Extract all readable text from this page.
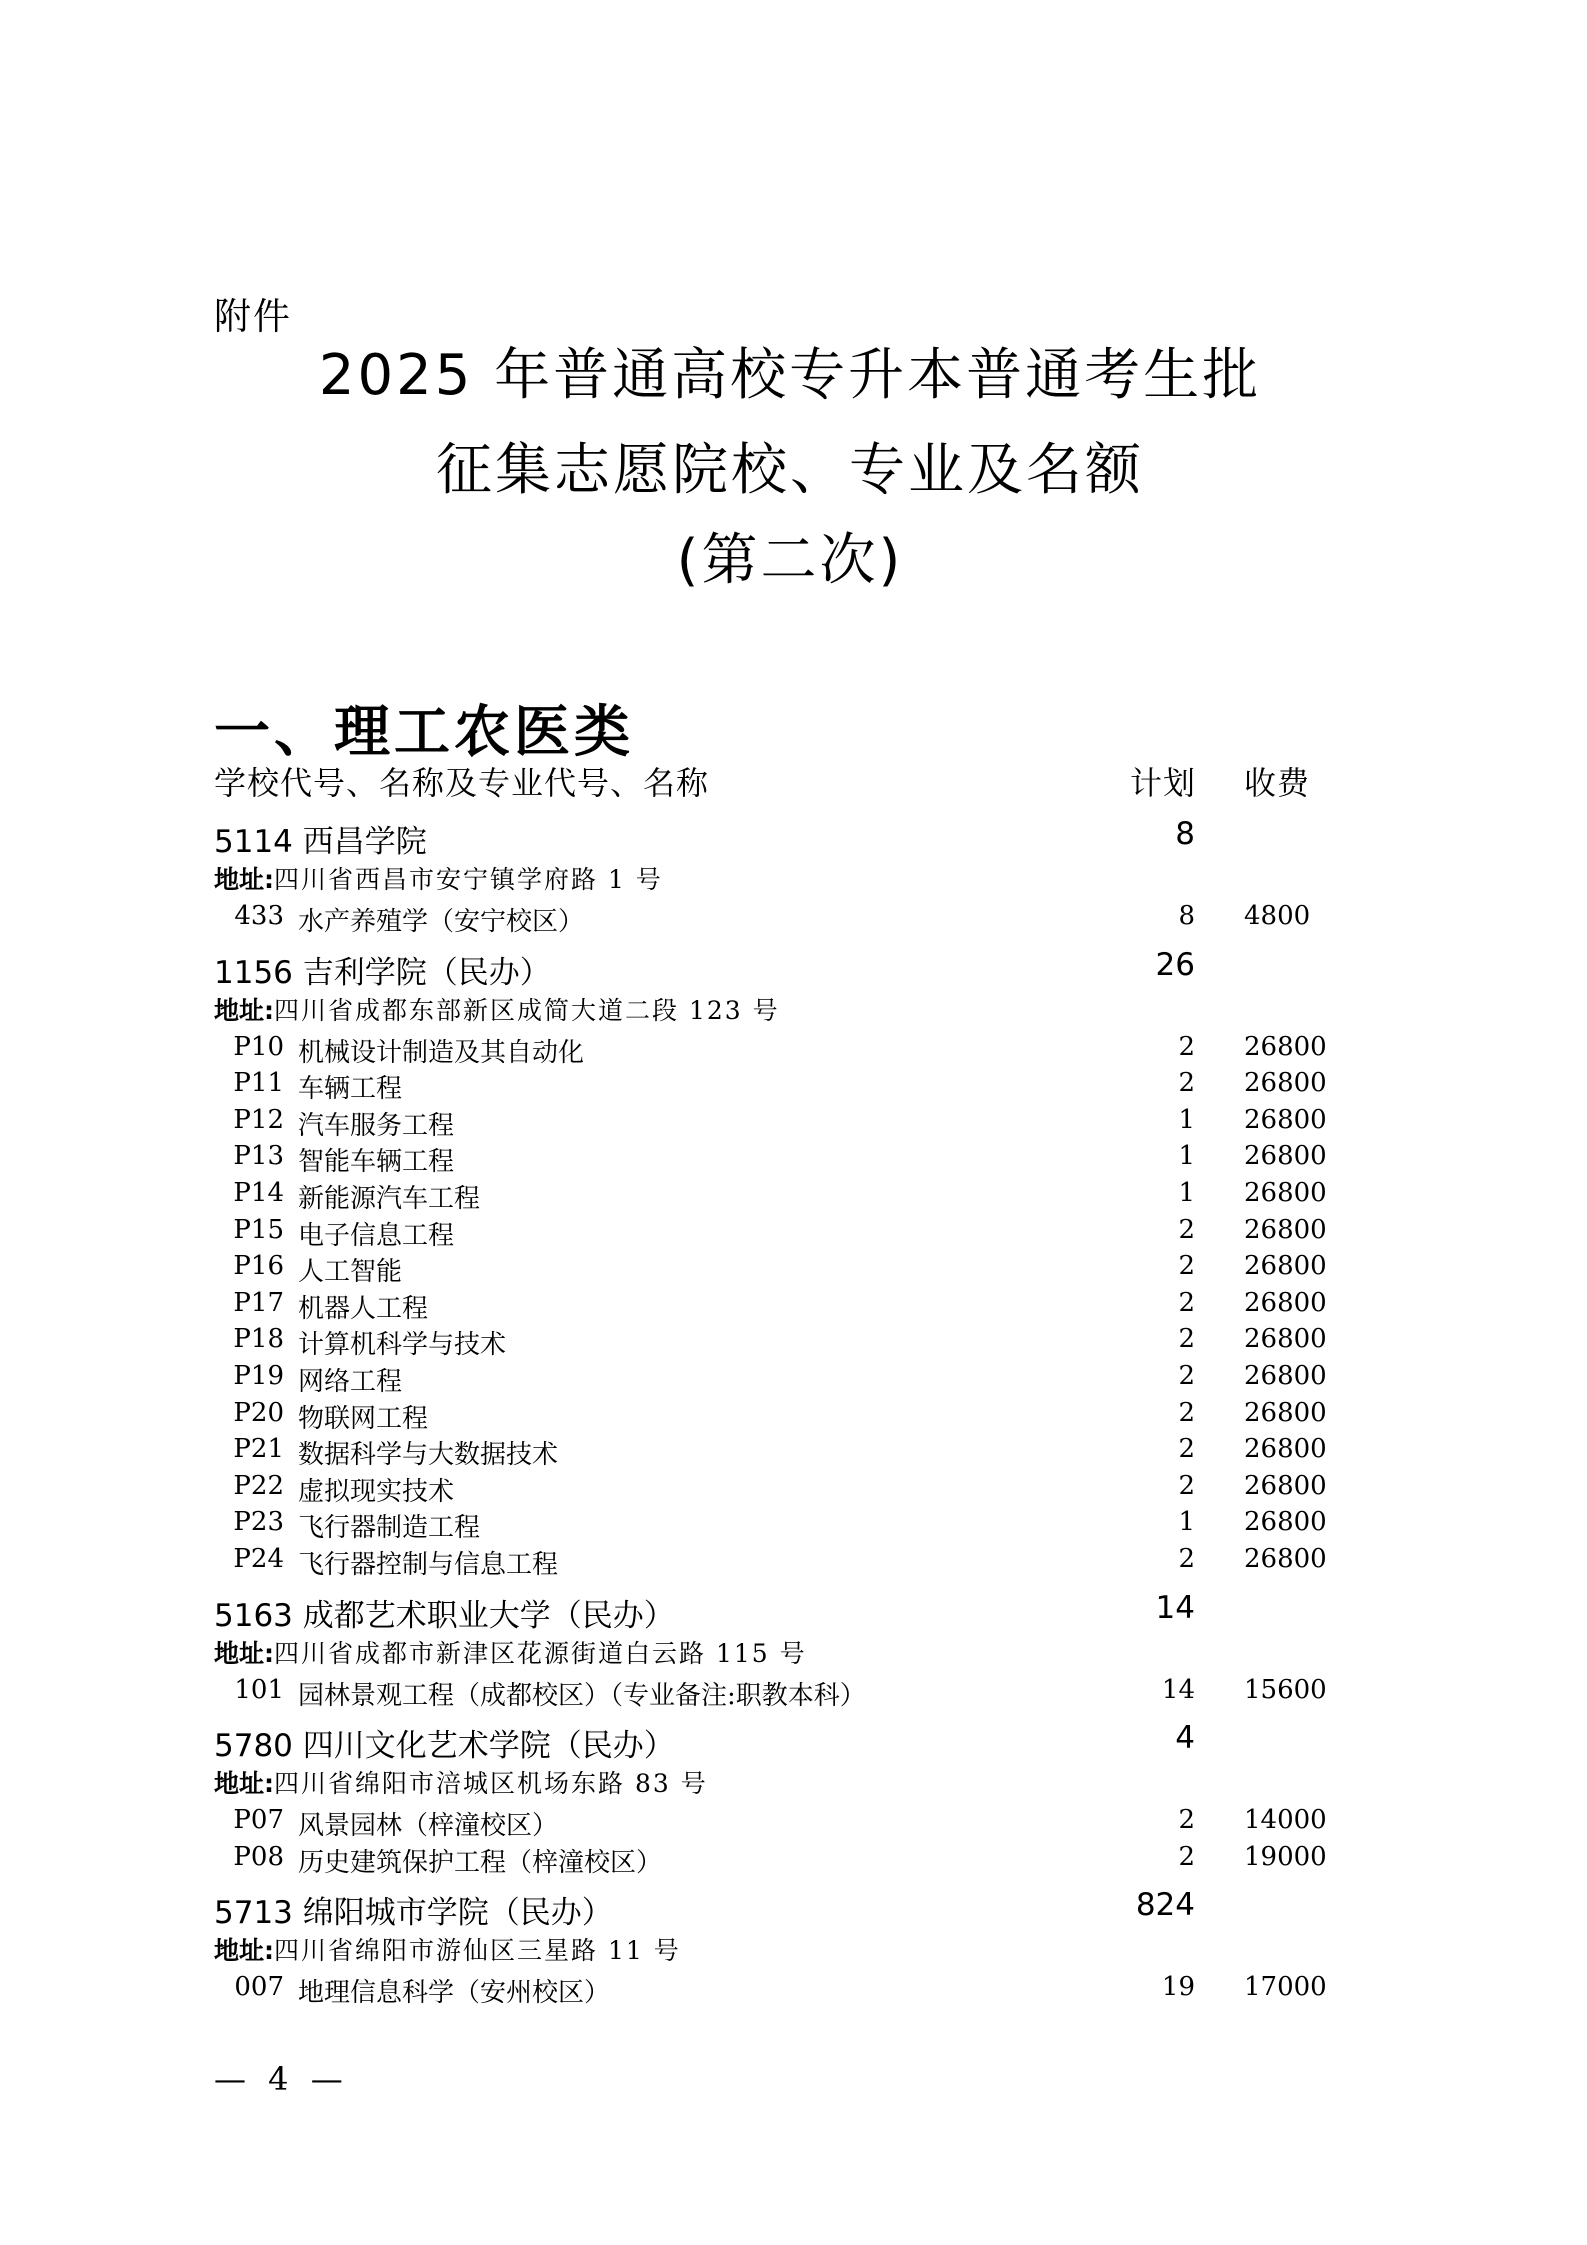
附件
2025 年普通高校专升本普通考生批
征集志愿院校、专业及名额
(第二次)
一、理工农医类
学校代号、名称及专业代号、名称	计划 收费
5114 西昌学院	8
地址:四川省西昌市安宁镇学府路 1 号
433 水产养殖学（安宁校区）	8 4800
1156 吉利学院（民办）	26
地址:四川省成都东部新区成简大道二段 123 号
P10 机械设计制造及其自动化	2 26800
P11 车辆工程	2 26800
P12 汽车服务工程	1 26800
P13 智能车辆工程	1 26800
P14 新能源汽车工程	1 26800
P15 电子信息工程	2 26800
P16 人工智能	2 26800
P17 机器人工程	2 26800
P18 计算机科学与技术	2 26800
P19 网络工程	2 26800
P20 物联网工程	2 26800
P21 数据科学与大数据技术	2 26800
P22 虚拟现实技术	2 26800
P23 飞行器制造工程	1 26800
P24 飞行器控制与信息工程	2 26800
5163 成都艺术职业大学（民办）	14
地址:四川省成都市新津区花源街道白云路 115 号
101 园林景观工程（成都校区）（专业备注:职教本科）	14 15600
5780 四川文化艺术学院（民办）	4
地址:四川省绵阳市涪城区机场东路 83 号
P07 风景园林（梓潼校区）	2 14000
P08 历史建筑保护工程（梓潼校区）	2 19000
5713 绵阳城市学院（民办）	824
地址:四川省绵阳市游仙区三星路 11 号
007 地理信息科学（安州校区）	19 17000
— 4 —
